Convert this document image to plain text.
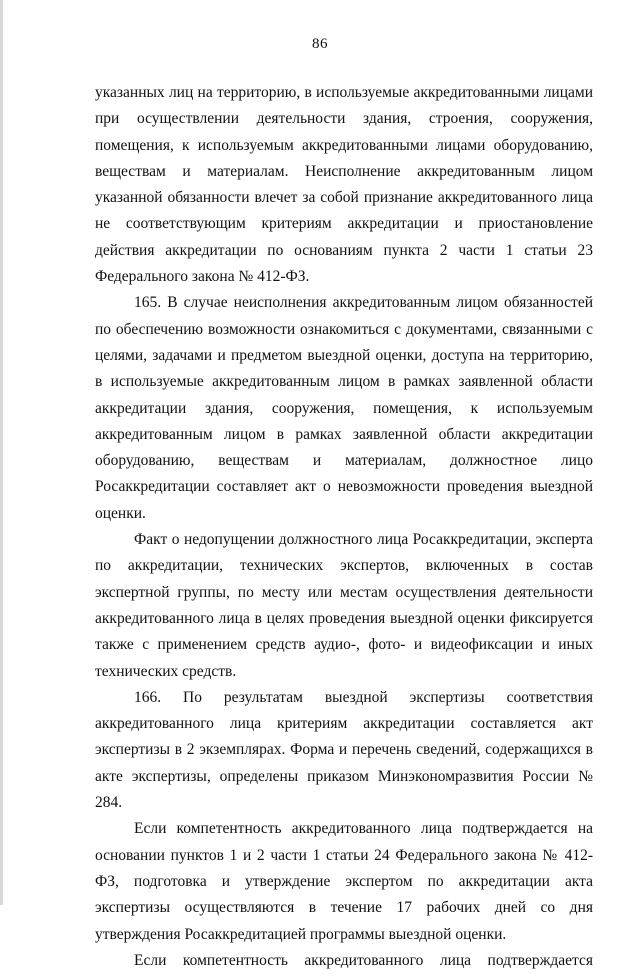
86

указанных лиц на территорию, в используемые аккредитованными лицами при осуществлении деятельности здания, строения, сооружения, помещения, к используемым аккредитованными лицами оборудованию, веществам и материалам. Неисполнение аккредитованным лицом указанной обязанности влечет за собой признание аккредитованного лица не соответствующим критериям аккредитации и приостановление действия аккредитации по основаниям пункта 2 части 1 статьи 23 Федерального закона № 412-ФЗ.

165. В случае неисполнения аккредитованным лицом обязанностей по обеспечению возможности ознакомиться с документами, связанными с целями, задачами и предметом выездной оценки, доступа на территорию, в используемые аккредитованным лицом в рамках заявленной области аккредитации здания, сооружения, помещения, к используемым аккредитованным лицом в рамках заявленной области аккредитации оборудованию, веществам и материалам, должностное лицо Росаккредитации составляет акт о невозможности проведения выездной оценки.

Факт о недопущении должностного лица Росаккредитации, эксперта по аккредитации, технических экспертов, включенных в состав экспертной группы, по месту или местам осуществления деятельности аккредитованного лица в целях проведения выездной оценки фиксируется также с применением средств аудио-, фото- и видеофиксации и иных технических средств.

166. По результатам выездной экспертизы соответствия аккредитованного лица критериям аккредитации составляется акт экспертизы в 2 экземплярах. Форма и перечень сведений, содержащихся в акте экспертизы, определены приказом Минэкономразвития России № 284.

Если компетентность аккредитованного лица подтверждается на основании пунктов 1 и 2 части 1 статьи 24 Федерального закона № 412-ФЗ, подготовка и утверждение экспертом по аккредитации акта экспертизы осуществляются в течение 17 рабочих дней со дня утверждения Росаккредитацией программы выездной оценки.

Если компетентность аккредитованного лица подтверждается
